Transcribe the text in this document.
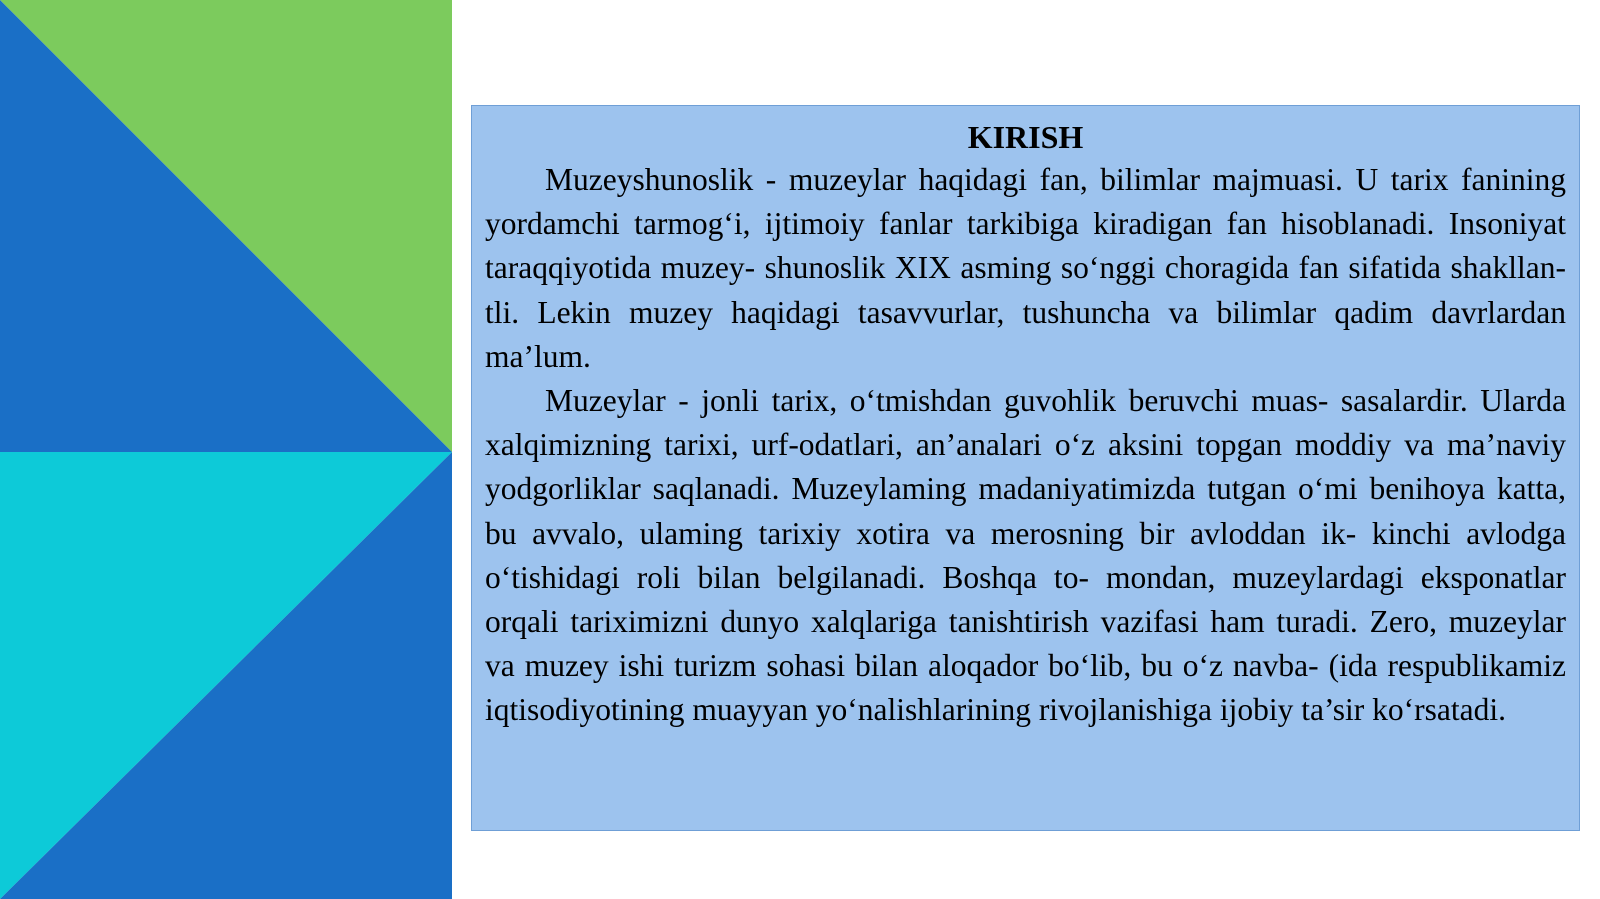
KIRISH

Muzeyshunoslik - muzeylar haqidagi fan, bilimlar majmuasi. U tarix fanining yordamchi tarmog‘i, ijtimoiy fanlar tarkibiga kiradigan fan hisoblanadi. Insoniyat taraqqiyotida muzey- shunoslik XIX asming so‘nggi choragida fan sifatida shakllan- tli. Lekin muzey haqidagi tasavvurlar, tushuncha va bilimlar qadim davrlardan ma’lum.

Muzeylar - jonli tarix, o‘tmishdan guvohlik beruvchi muas- sasalardir. Ularda xalqimizning tarixi, urf-odatlari, an’analari o‘z aksini topgan moddiy va ma’naviy yodgorliklar saqlanadi. Muzeylaming madaniyatimizda tutgan o‘mi benihoya katta, bu avvalo, ulaming tarixiy xotira va merosning bir avloddan ik- kinchi avlodga o‘tishidagi roli bilan belgilanadi. Boshqa to- mondan, muzeylardagi eksponatlar orqali tariximizni dunyo xalqlariga tanishtirish vazifasi ham turadi. Zero, muzeylar va muzey ishi turizm sohasi bilan aloqador bo‘lib, bu o‘z navba- (ida respublikamiz iqtisodiyotining muayyan yo‘nalishlarining rivojlanishiga ijobiy ta’sir ko‘rsatadi.
